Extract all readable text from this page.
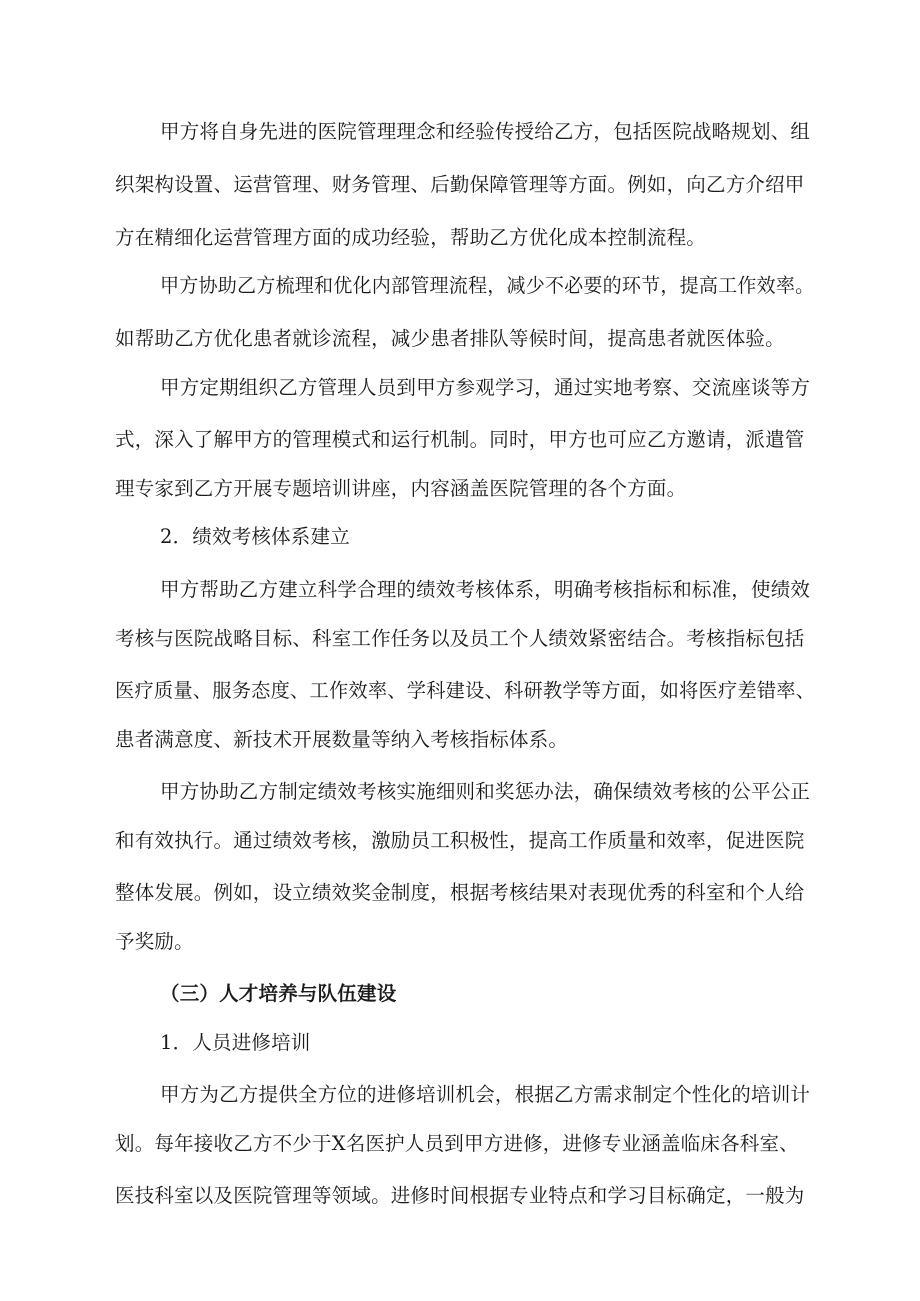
甲方将自身先进的医院管理理念和经验传授给乙方，包括医院战略规划、组
织架构设置、运营管理、财务管理、后勤保障管理等方面。例如，向乙方介绍甲
方在精细化运营管理方面的成功经验，帮助乙方优化成本控制流程。
甲方协助乙方梳理和优化内部管理流程，减少不必要的环节，提高工作效率。
如帮助乙方优化患者就诊流程，减少患者排队等候时间，提高患者就医体验。
甲方定期组织乙方管理人员到甲方参观学习，通过实地考察、交流座谈等方
式，深入了解甲方的管理模式和运行机制。同时，甲方也可应乙方邀请，派遣管
理专家到乙方开展专题培训讲座，内容涵盖医院管理的各个方面。
2．绩效考核体系建立
甲方帮助乙方建立科学合理的绩效考核体系，明确考核指标和标准，使绩效
考核与医院战略目标、科室工作任务以及员工个人绩效紧密结合。考核指标包括
医疗质量、服务态度、工作效率、学科建设、科研教学等方面，如将医疗差错率、
患者满意度、新技术开展数量等纳入考核指标体系。
甲方协助乙方制定绩效考核实施细则和奖惩办法，确保绩效考核的公平公正
和有效执行。通过绩效考核，激励员工积极性，提高工作质量和效率，促进医院
整体发展。例如，设立绩效奖金制度，根据考核结果对表现优秀的科室和个人给
予奖励。
（三）人才培养与队伍建设
1．人员进修培训
甲方为乙方提供全方位的进修培训机会，根据乙方需求制定个性化的培训计
划。每年接收乙方不少于X名医护人员到甲方进修，进修专业涵盖临床各科室、
医技科室以及医院管理等领域。进修时间根据专业特点和学习目标确定，一般为
